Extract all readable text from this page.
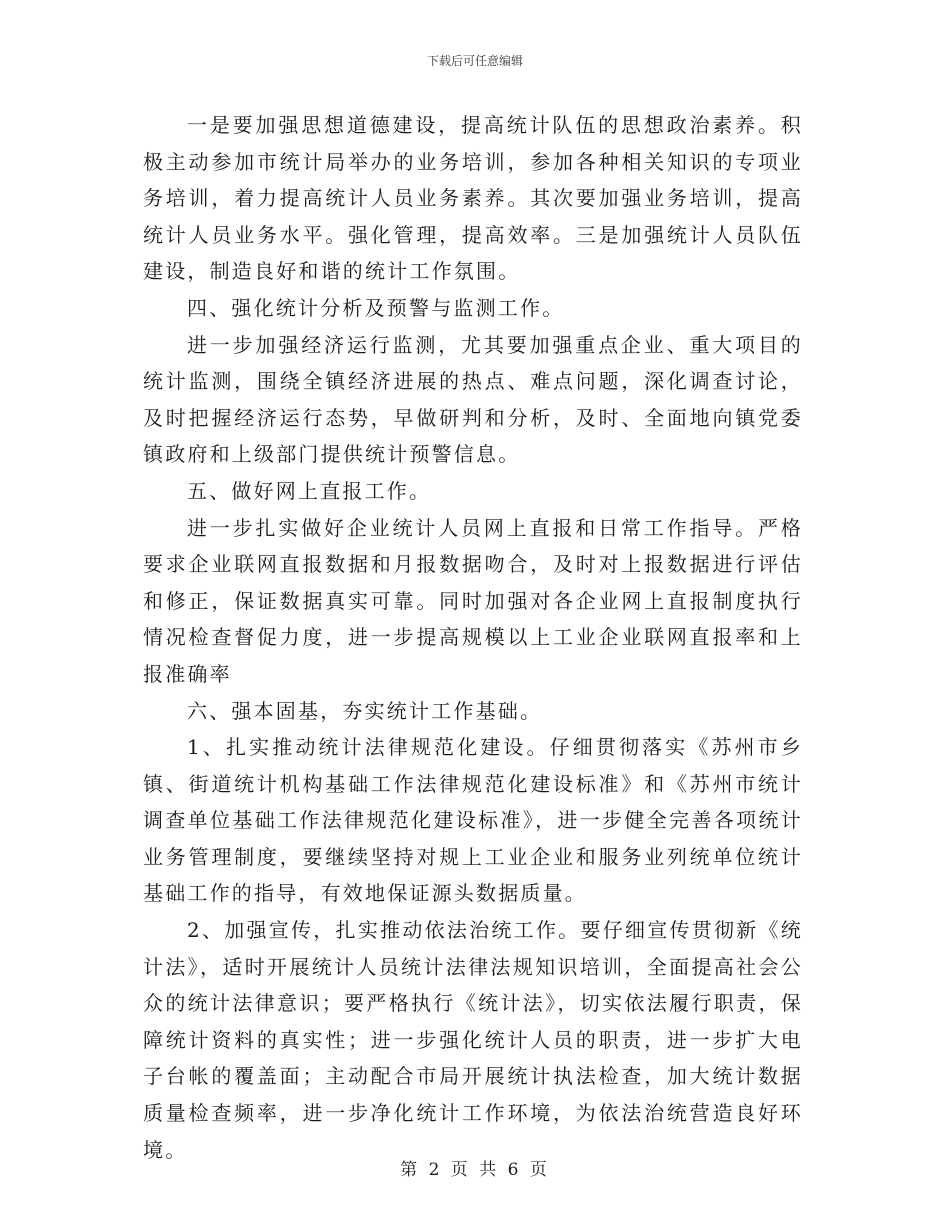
下载后可任意编辑

一是要加强思想道德建设，提高统计队伍的思想政治素养。积极主动参加市统计局举办的业务培训，参加各种相关知识的专项业务培训，着力提高统计人员业务素养。其次要加强业务培训，提高统计人员业务水平。强化管理，提高效率。三是加强统计人员队伍建设，制造良好和谐的统计工作氛围。

四、强化统计分析及预警与监测工作。

进一步加强经济运行监测，尤其要加强重点企业、重大项目的统计监测，围绕全镇经济进展的热点、难点问题，深化调查讨论，及时把握经济运行态势，早做研判和分析，及时、全面地向镇党委镇政府和上级部门提供统计预警信息。

五、做好网上直报工作。

进一步扎实做好企业统计人员网上直报和日常工作指导。严格要求企业联网直报数据和月报数据吻合，及时对上报数据进行评估和修正，保证数据真实可靠。同时加强对各企业网上直报制度执行情况检查督促力度，进一步提高规模以上工业企业联网直报率和上报准确率

六、强本固基，夯实统计工作基础。

1、扎实推动统计法律规范化建设。仔细贯彻落实《苏州市乡镇、街道统计机构基础工作法律规范化建设标准》和《苏州市统计调查单位基础工作法律规范化建设标准》，进一步健全完善各项统计业务管理制度，要继续坚持对规上工业企业和服务业列统单位统计基础工作的指导，有效地保证源头数据质量。

2、加强宣传，扎实推动依法治统工作。要仔细宣传贯彻新《统计法》，适时开展统计人员统计法律法规知识培训，全面提高社会公众的统计法律意识；要严格执行《统计法》，切实依法履行职责，保障统计资料的真实性；进一步强化统计人员的职责，进一步扩大电子台帐的覆盖面；主动配合市局开展统计执法检查，加大统计数据质量检查频率，进一步净化统计工作环境，为依法治统营造良好环境。

第 2 页 共 6 页
